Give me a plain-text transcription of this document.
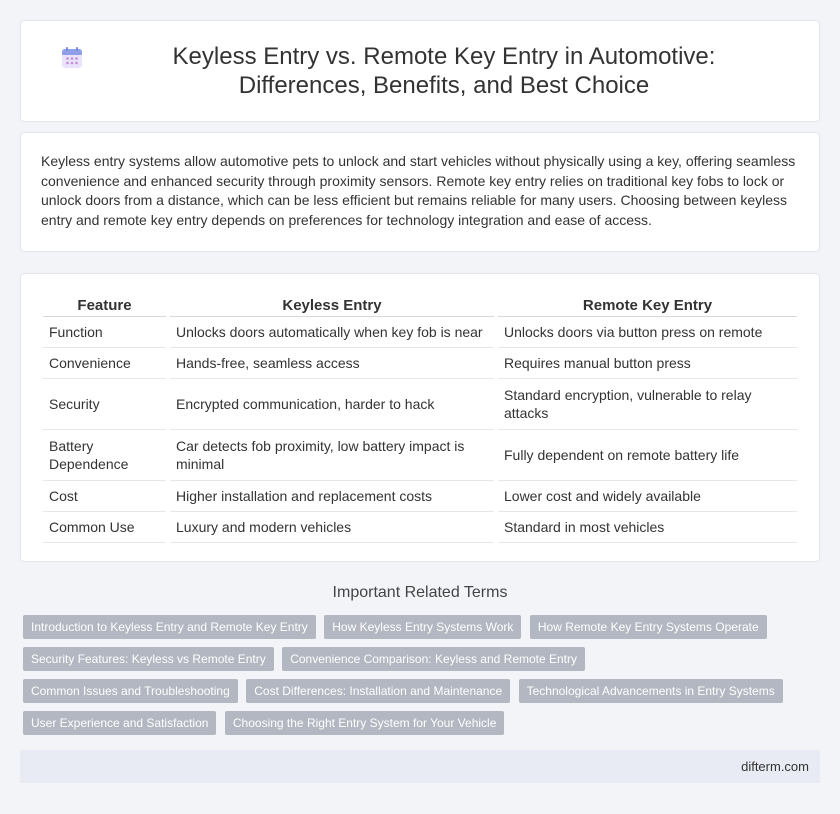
Keyless Entry vs. Remote Key Entry in Automotive: Differences, Benefits, and Best Choice

Keyless entry systems allow automotive pets to unlock and start vehicles without physically using a key, offering seamless convenience and enhanced security through proximity sensors. Remote key entry relies on traditional key fobs to lock or unlock doors from a distance, which can be less efficient but remains reliable for many users. Choosing between keyless entry and remote key entry depends on preferences for technology integration and ease of access.

Feature	Keyless Entry	Remote Key Entry
Function	Unlocks doors automatically when key fob is near	Unlocks doors via button press on remote
Convenience	Hands-free, seamless access	Requires manual button press
Security	Encrypted communication, harder to hack	Standard encryption, vulnerable to relay attacks
Battery Dependence	Car detects fob proximity, low battery impact is minimal	Fully dependent on remote battery life
Cost	Higher installation and replacement costs	Lower cost and widely available
Common Use	Luxury and modern vehicles	Standard in most vehicles
Important Related Terms
Introduction to Keyless Entry and Remote Key Entry How Keyless Entry Systems Work How Remote Key Entry Systems Operate Security Features: Keyless vs Remote Entry Convenience Comparison: Keyless and Remote Entry Common Issues and Troubleshooting Cost Differences: Installation and Maintenance Technological Advancements in Entry Systems User Experience and Satisfaction Choosing the Right Entry System for Your Vehicle
difterm.com
